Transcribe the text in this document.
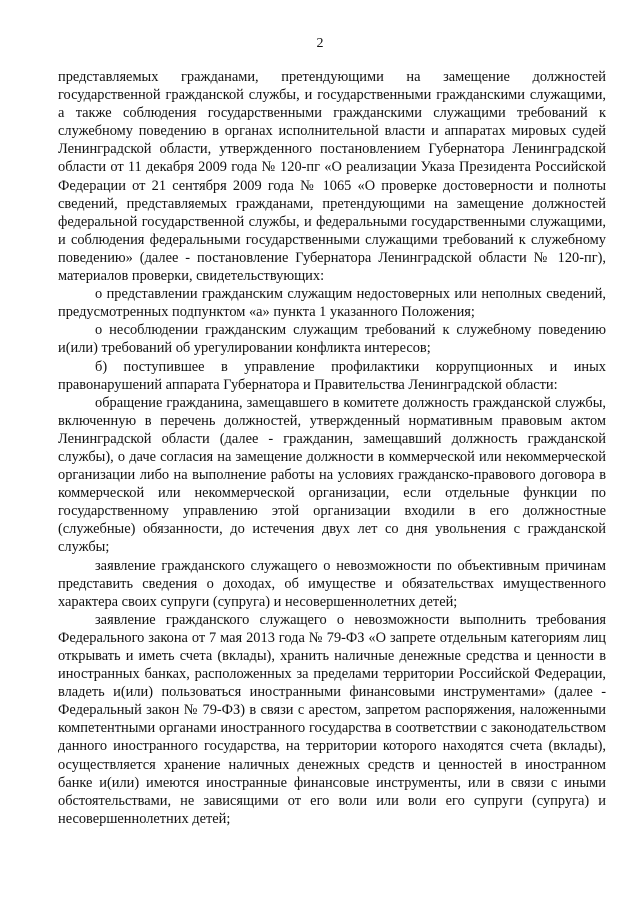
2

представляемых гражданами, претендующими на замещение должностей государственной гражданской службы, и государственными гражданскими служащими, а также соблюдения государственными гражданскими служащими требований к служебному поведению в органах исполнительной власти и аппаратах мировых судей Ленинградской области, утвержденного постановлением Губернатора Ленинградской области от 11 декабря 2009 года № 120-пг «О реализации Указа Президента Российской Федерации от 21 сентября 2009 года № 1065 «О проверке достоверности и полноты сведений, представляемых гражданами, претендующими на замещение должностей федеральной государственной службы, и федеральными государственными служащими, и соблюдения федеральными государственными служащими требований к служебному поведению» (далее - постановление Губернатора Ленинградской области № 120-пг), материалов проверки, свидетельствующих:

о представлении гражданским служащим недостоверных или неполных сведений, предусмотренных подпунктом «а» пункта 1 указанного Положения;

о несоблюдении гражданским служащим требований к служебному поведению и(или) требований об урегулировании конфликта интересов;

б) поступившее в управление профилактики коррупционных и иных правонарушений аппарата Губернатора и Правительства Ленинградской области:

обращение гражданина, замещавшего в комитете должность гражданской службы, включенную в перечень должностей, утвержденный нормативным правовым актом Ленинградской области (далее - гражданин, замещавший должность гражданской службы), о даче согласия на замещение должности в коммерческой или некоммерческой организации либо на выполнение работы на условиях гражданско-правового договора в коммерческой или некоммерческой организации, если отдельные функции по государственному управлению этой организации входили в его должностные (служебные) обязанности, до истечения двух лет со дня увольнения с гражданской службы;

заявление гражданского служащего о невозможности по объективным причинам представить сведения о доходах, об имуществе и обязательствах имущественного характера своих супруги (супруга) и несовершеннолетних детей;

заявление гражданского служащего о невозможности выполнить требования Федерального закона от 7 мая 2013 года № 79-ФЗ «О запрете отдельным категориям лиц открывать и иметь счета (вклады), хранить наличные денежные средства и ценности в иностранных банках, расположенных за пределами территории Российской Федерации, владеть и(или) пользоваться иностранными финансовыми инструментами» (далее - Федеральный закон № 79-ФЗ) в связи с арестом, запретом распоряжения, наложенными компетентными органами иностранного государства в соответствии с законодательством данного иностранного государства, на территории которого находятся счета (вклады), осуществляется хранение наличных денежных средств и ценностей в иностранном банке и(или) имеются иностранные финансовые инструменты, или в связи с иными обстоятельствами, не зависящими от его воли или воли его супруги (супруга) и несовершеннолетних детей;
